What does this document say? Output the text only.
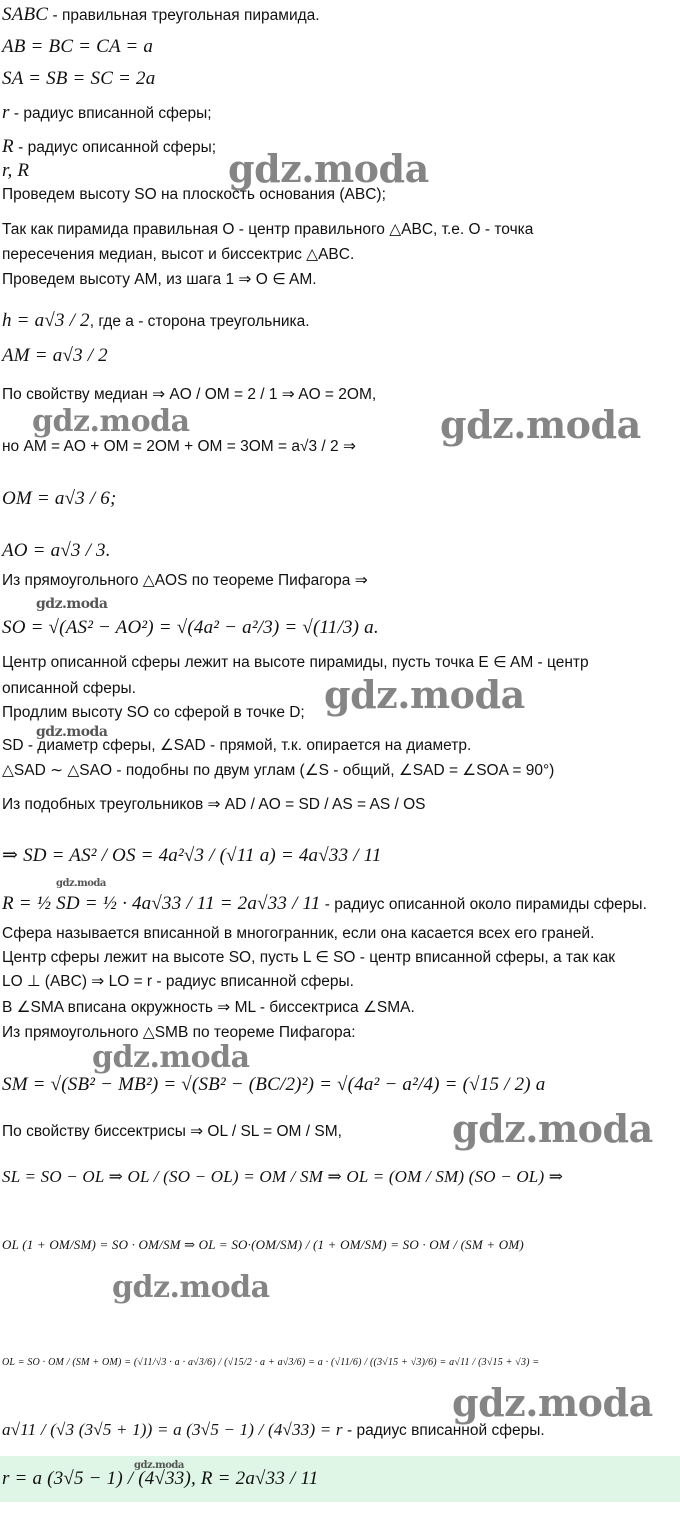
SABC - правильная треугольная пирамида.
AB = BC = CA = a
SA = SB = SC = 2a
r - радиус вписанной сферы;
R - радиус описанной сферы;
r, R
Проведем высоту SO на плоскость основания (ABC);
Так как пирамида правильная O - центр правильного △ABC, т.е. O - точка
пересечения медиан, высот и биссектрис △ABC.
Проведем высоту AM, из шага 1 ⇒ O ∈ AM.
h = a√3 / 2, где a - сторона треугольника.
AM = a√3 / 2
По свойству медиан ⇒ AO / OM = 2 / 1 ⇒ AO = 2OM,
но AM = AO + OM = 2OM + OM = 3OM = a√3 / 2 ⇒
OM = a√3 / 6;
AO = a√3 / 3.
Из прямоугольного △AOS по теореме Пифагора ⇒
SO = √(AS² − AO²) = √(4a² − a²/3) = √(11/3) a.
Центр описанной сферы лежит на высоте пирамиды, пусть точка E ∈ AM - центр
описанной сферы.
Продлим высоту SO со сферой в точке D;
SD - диаметр сферы, ∠SAD - прямой, т.к. опирается на диаметр.
△SAD ∼ △SAO - подобны по двум углам (∠S - общий, ∠SAD = ∠SOA = 90°)
Из подобных треугольников ⇒ AD / AO = SD / AS = AS / OS
⇒ SD = AS² / OS = 4a²√3 / (√11 a) = 4a√33 / 11
R = ½ SD = ½ · 4a√33 / 11 = 2a√33 / 11 - радиус описанной около пирамиды сферы.
Сфера называется вписанной в многогранник, если она касается всех его граней.
Центр сферы лежит на высоте SO, пусть L ∈ SO - центр вписанной сферы, а так как
LO ⊥ (ABC) ⇒ LO = r - радиус вписанной сферы.
В ∠SMA вписана окружность ⇒ ML - биссектриса ∠SMA.
Из прямоугольного △SMB по теореме Пифагора:
SM = √(SB² − MB²) = √(SB² − (BC/2)²) = √(4a² − a²/4) = (√15 / 2) a
По свойству биссектрисы ⇒ OL / SL = OM / SM,
SL = SO − OL ⇒ OL / (SO − OL) = OM / SM ⇒ OL = (OM / SM) (SO − OL) ⇒
OL (1 + OM/SM) = SO · OM/SM ⇒ OL = SO·(OM/SM) / (1 + OM/SM) = SO · OM / (SM + OM)
OL = SO · OM / (SM + OM) = (√11/√3 · a · a√3/6) / (√15/2 · a + a√3/6) = a · (√11/6) / ((3√15 + √3)/6) = a√11 / (3√15 + √3) =
a√11 / (√3 (3√5 + 1)) = a (3√5 − 1) / (4√33) = r - радиус вписанной сферы.
r = a (3√5 − 1) / (4√33), R = 2a√33 / 11
gdz.moda
gdz.moda	gdz.moda
gdz.moda
gdz.moda
gdz.moda
gdz.moda
gdz.moda
gdz.moda
gdz.moda
gdz.moda
gdz.moda
